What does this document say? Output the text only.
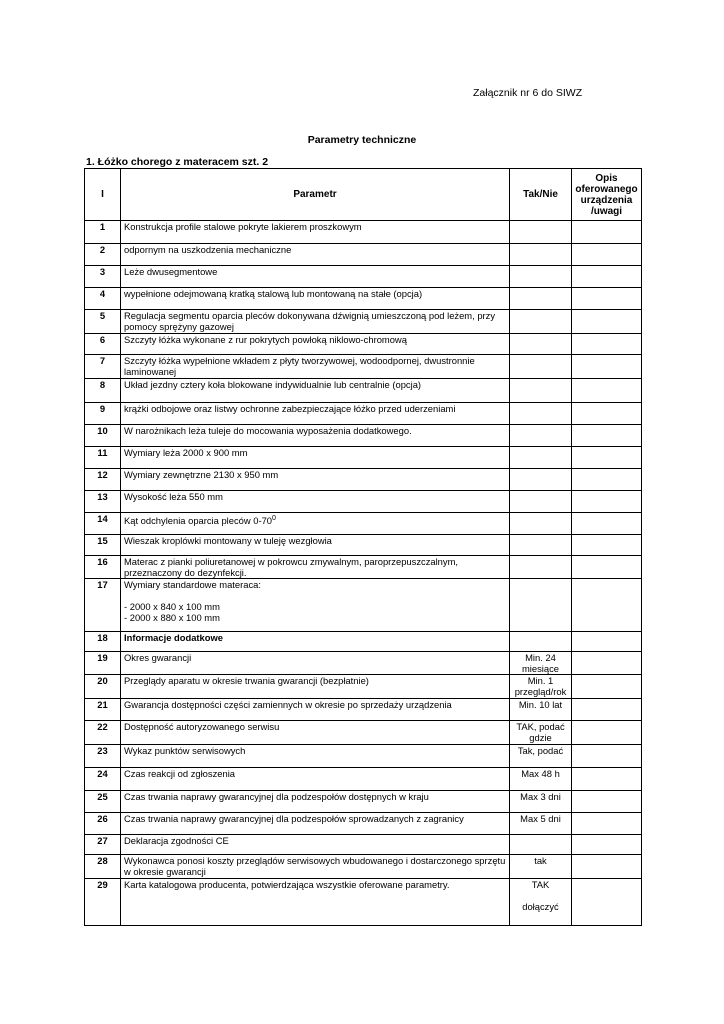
Załącznik nr 6 do SIWZ
Parametry techniczne
1. Łóżko chorego z materacem szt. 2
I	Parametr	Tak/Nie	Opis oferowanego urządzenia /uwagi
1	Konstrukcja profile stalowe pokryte lakierem proszkowym		
2	odpornym na uszkodzenia mechaniczne		
3	Leże dwusegmentowe		
4	wypełnione odejmowaną kratką stalową lub montowaną na stałe (opcja)		
5	Regulacja segmentu oparcia pleców dokonywana dźwignią umieszczoną pod leżem, przy pomocy sprężyny gazowej		
6	Szczyty łóżka wykonane z rur pokrytych powłoką niklowo-chromową		
7	Szczyty łóżka wypełnione wkładem z płyty tworzywowej, wodoodpornej, dwustronnie laminowanej		
8	Układ jezdny cztery koła blokowane indywidualnie lub centralnie (opcja)		
9	krążki odbojowe oraz listwy ochronne zabezpieczające łóżko przed uderzeniami		
10	W narożnikach leża tuleje do mocowania wyposażenia dodatkowego.		
11	Wymiary leża 2000 x 900 mm		
12	Wymiary zewnętrzne 2130 x 950 mm		
13	Wysokość leża 550 mm		
14	Kąt odchylenia oparcia pleców $0-70^0$		
15	Wieszak kroplówki montowany w tuleję wezgłowia		
16	Materac z pianki poliuretanowej w pokrowcu zmywalnym, paroprzepuszczalnym, przeznaczony do dezynfekcji.		
17	Wymiary standardowe materaca:

- 2000 x 840 x 100 mm
- 2000 x 880 x 100 mm		
18	Informacje dodatkowe		
19	Okres gwarancji	Min. 24 miesiące	
20	Przeglądy aparatu w okresie trwania gwarancji (bezpłatnie)	Min. 1 przegląd/rok	
21	Gwarancja dostępności części zamiennych w okresie po sprzedaży urządzenia	Min. 10 lat	
22	Dostępność autoryzowanego serwisu	TAK, podać gdzie	
23	Wykaz punktów serwisowych	Tak, podać	
24	Czas reakcji od zgłoszenia	Max 48 h	
25	Czas trwania naprawy gwarancyjnej dla podzespołów dostępnych w kraju	Max 3 dni	
26	Czas trwania naprawy gwarancyjnej dla podzespołów sprowadzanych z zagranicy	Max 5 dni	
27	Deklaracja zgodności CE		
28	Wykonawca ponosi koszty przeglądów serwisowych wbudowanego i dostarczonego sprzętu w okresie gwarancji	tak	
29	Karta katalogowa producenta, potwierdzająca wszystkie oferowane parametry.	TAK

dołączyć	
